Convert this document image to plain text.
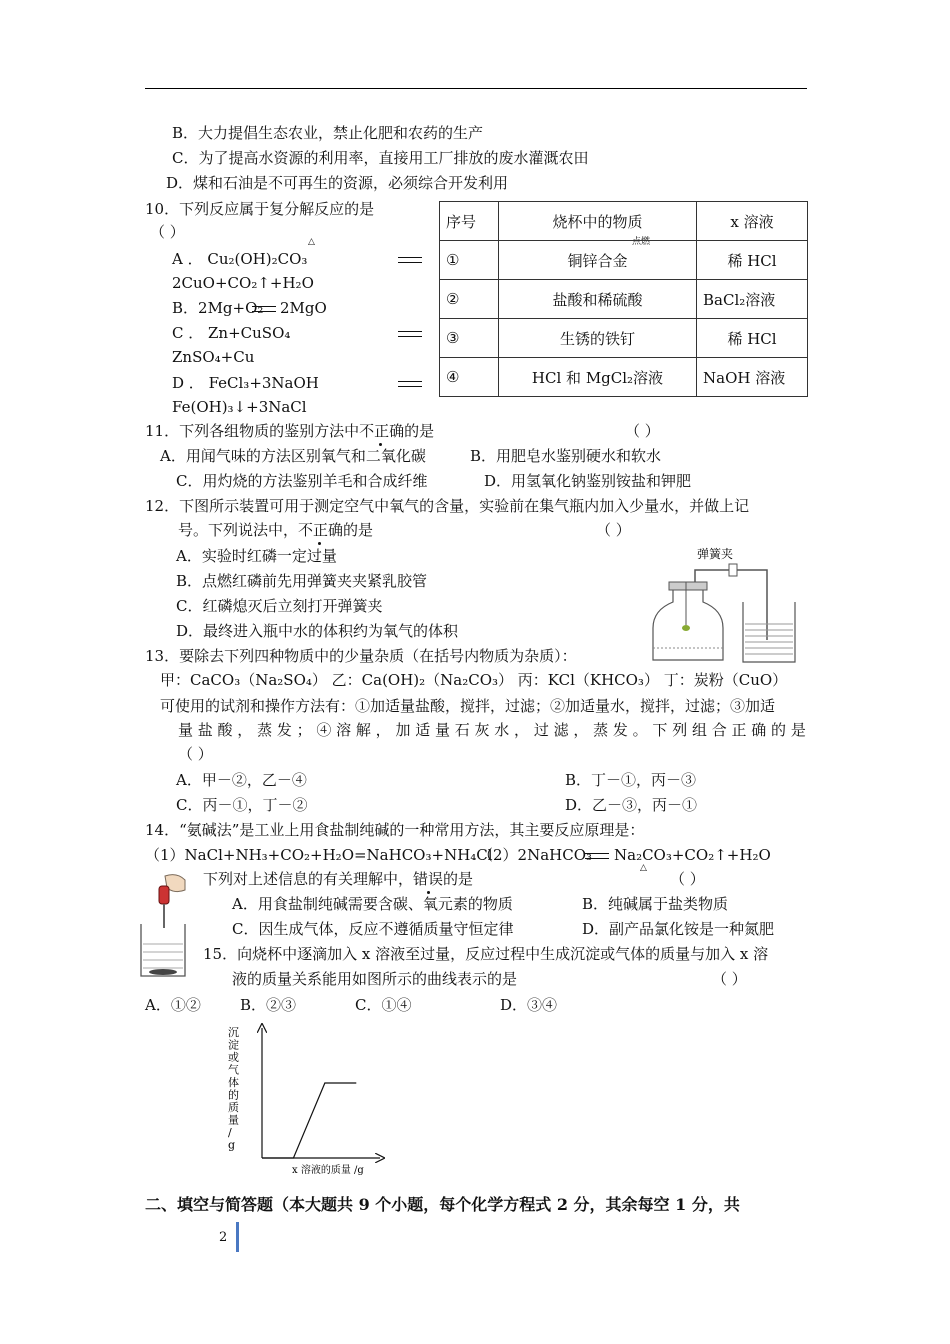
B．大力提倡生态农业，禁止化肥和农药的生产
C．为了提高水资源的利用率，直接用工厂排放的废水灌溉农田
D．煤和石油是不可再生的资源，必须综合开发利用
10．下列反应属于复分解反应的是
（ ）
△
A ． Cu₂(OH)₂CO₃
2CuO+CO₂↑+H₂O
B．2Mg+O₂ 2MgO
点燃
C ． Zn+CuSO₄
ZnSO₄+Cu
D ． FeCl₃+3NaOH
Fe(OH)₃↓+3NaCl
序号	烧杯中的物质	x 溶液
①	铜锌合金	稀 HCl
②	盐酸和稀硫酸	BaCl₂溶液
③	生锈的铁钉	稀 HCl
④	HCl 和 MgCl₂溶液	NaOH 溶液
11．下列各组物质的鉴别方法中不正确的是	（ ）
A．用闻气味的方法区别氧气和二氧化碳	B．用肥皂水鉴别硬水和软水
C．用灼烧的方法鉴别羊毛和合成纤维	D．用氢氧化钠鉴别铵盐和钾肥
12．下图所示装置可用于测定空气中氧气的含量，实验前在集气瓶内加入少量水，并做上记
号。下列说法中，不正确的是	（ ）
A．实验时红磷一定过量
B．点燃红磷前先用弹簧夹夹紧乳胶管
C．红磷熄灭后立刻打开弹簧夹
D．最终进入瓶中水的体积约为氧气的体积
弹簧夹
13．要除去下列四种物质中的少量杂质（在括号内物质为杂质）：
甲：CaCO₃（Na₂SO₄） 乙：Ca(OH)₂（Na₂CO₃） 丙：KCl（KHCO₃） 丁：炭粉（CuO）
可使用的试剂和操作方法有：①加适量盐酸，搅拌，过滤；②加适量水，搅拌，过滤；③加适
量 盐 酸 ， 蒸 发 ； ④ 溶 解 ， 加 适 量 石 灰 水 ， 过 滤 ， 蒸 发 。 下 列 组 合 正 确 的 是
（ ）
A．甲－②，乙－④	B．丁－①，丙－③
C．丙－①，丁－②	D．乙－③，丙－①
14．“氨碱法”是工业上用食盐制纯碱的一种常用方法，其主要反应原理是：
（1）NaCl+NH₃+CO₂+H₂O=NaHCO₃+NH₄Cl
（2）2NaHCO₃ Na₂CO₃+CO₂↑+H₂O
△
下列对上述信息的有关理解中，错误的是	（ ）
A．用食盐制纯碱需要含碳、氧元素的物质	B．纯碱属于盐类物质
C．因生成气体，反应不遵循质量守恒定律	D．副产品氯化铵是一种氮肥
15．向烧杯中逐滴加入 x 溶液至过量，反应过程中生成沉淀或气体的质量与加入 x 溶
液的质量关系能用如图所示的曲线表示的是	（ ）
A．①②	B．②③	C．①④	D．③④
沉
淀
或
气
体
的
质
量
/
g
x 溶液的质量 /g
二、填空与简答题（本大题共 9 个小题，每个化学方程式 2 分，其余每空 1 分，共
2
